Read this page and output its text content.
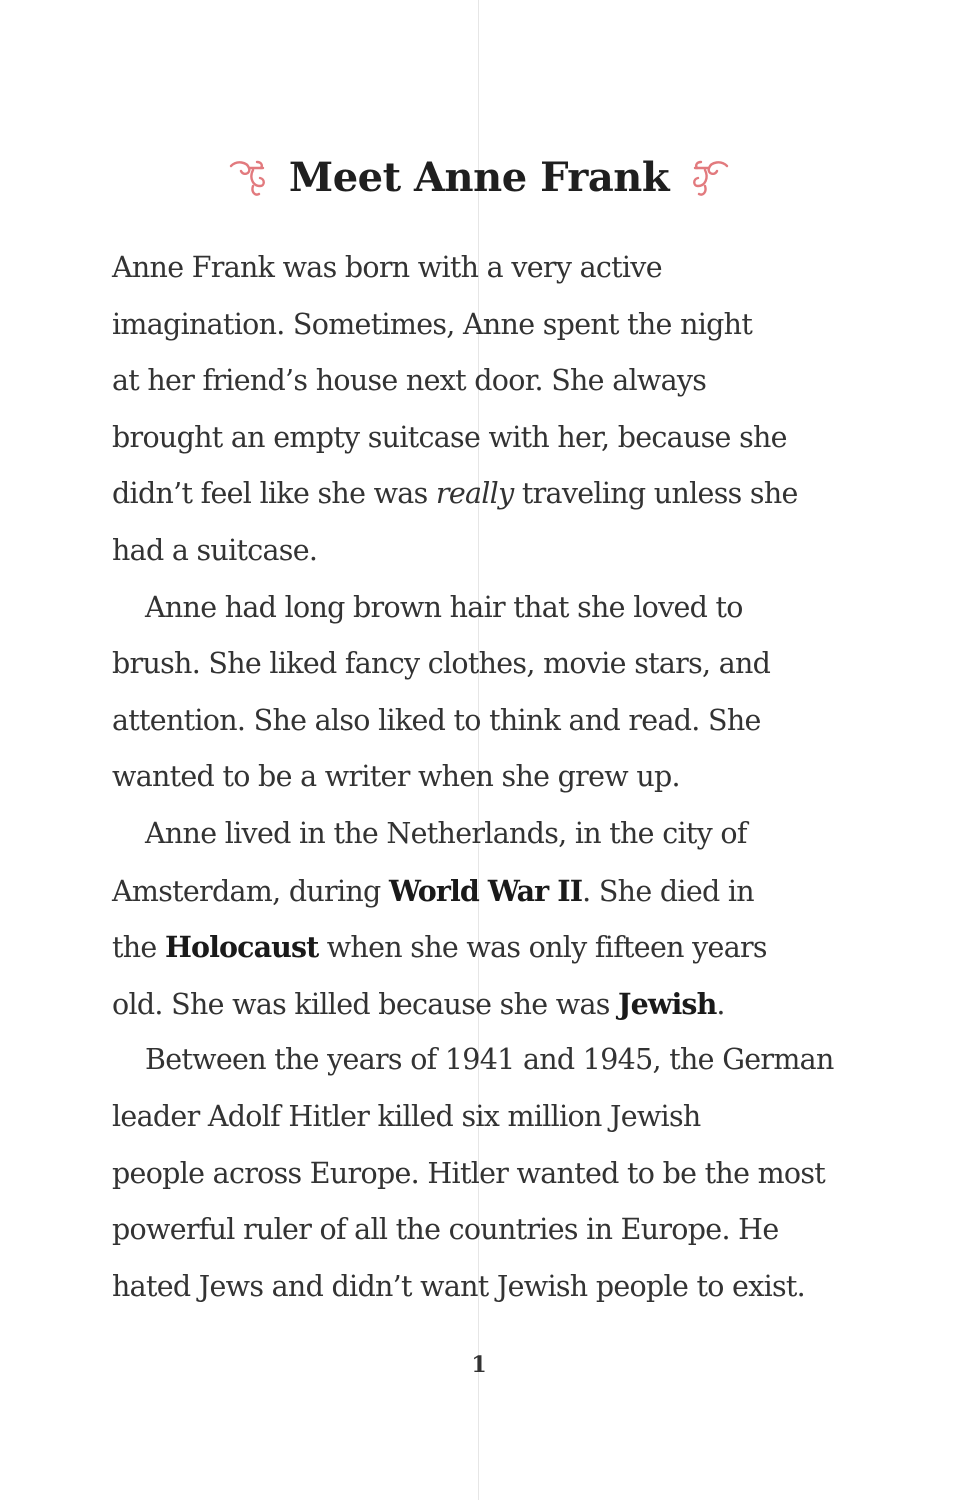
Meet Anne Frank
Anne Frank was born with a very active
imagination. Sometimes, Anne spent the night
at her friend’s house next door. She always
brought an empty suitcase with her, because she
didn’t feel like she was really traveling unless she
had a suitcase.
Anne had long brown hair that she loved to
brush. She liked fancy clothes, movie stars, and
attention. She also liked to think and read. She
wanted to be a writer when she grew up.
Anne lived in the Netherlands, in the city of
Amsterdam, during World War II. She died in
the Holocaust when she was only fifteen years
old. She was killed because she was Jewish.
Between the years of 1941 and 1945, the German
leader Adolf Hitler killed six million Jewish
people across Europe. Hitler wanted to be the most
powerful ruler of all the countries in Europe. He
hated Jews and didn’t want Jewish people to exist.
1
